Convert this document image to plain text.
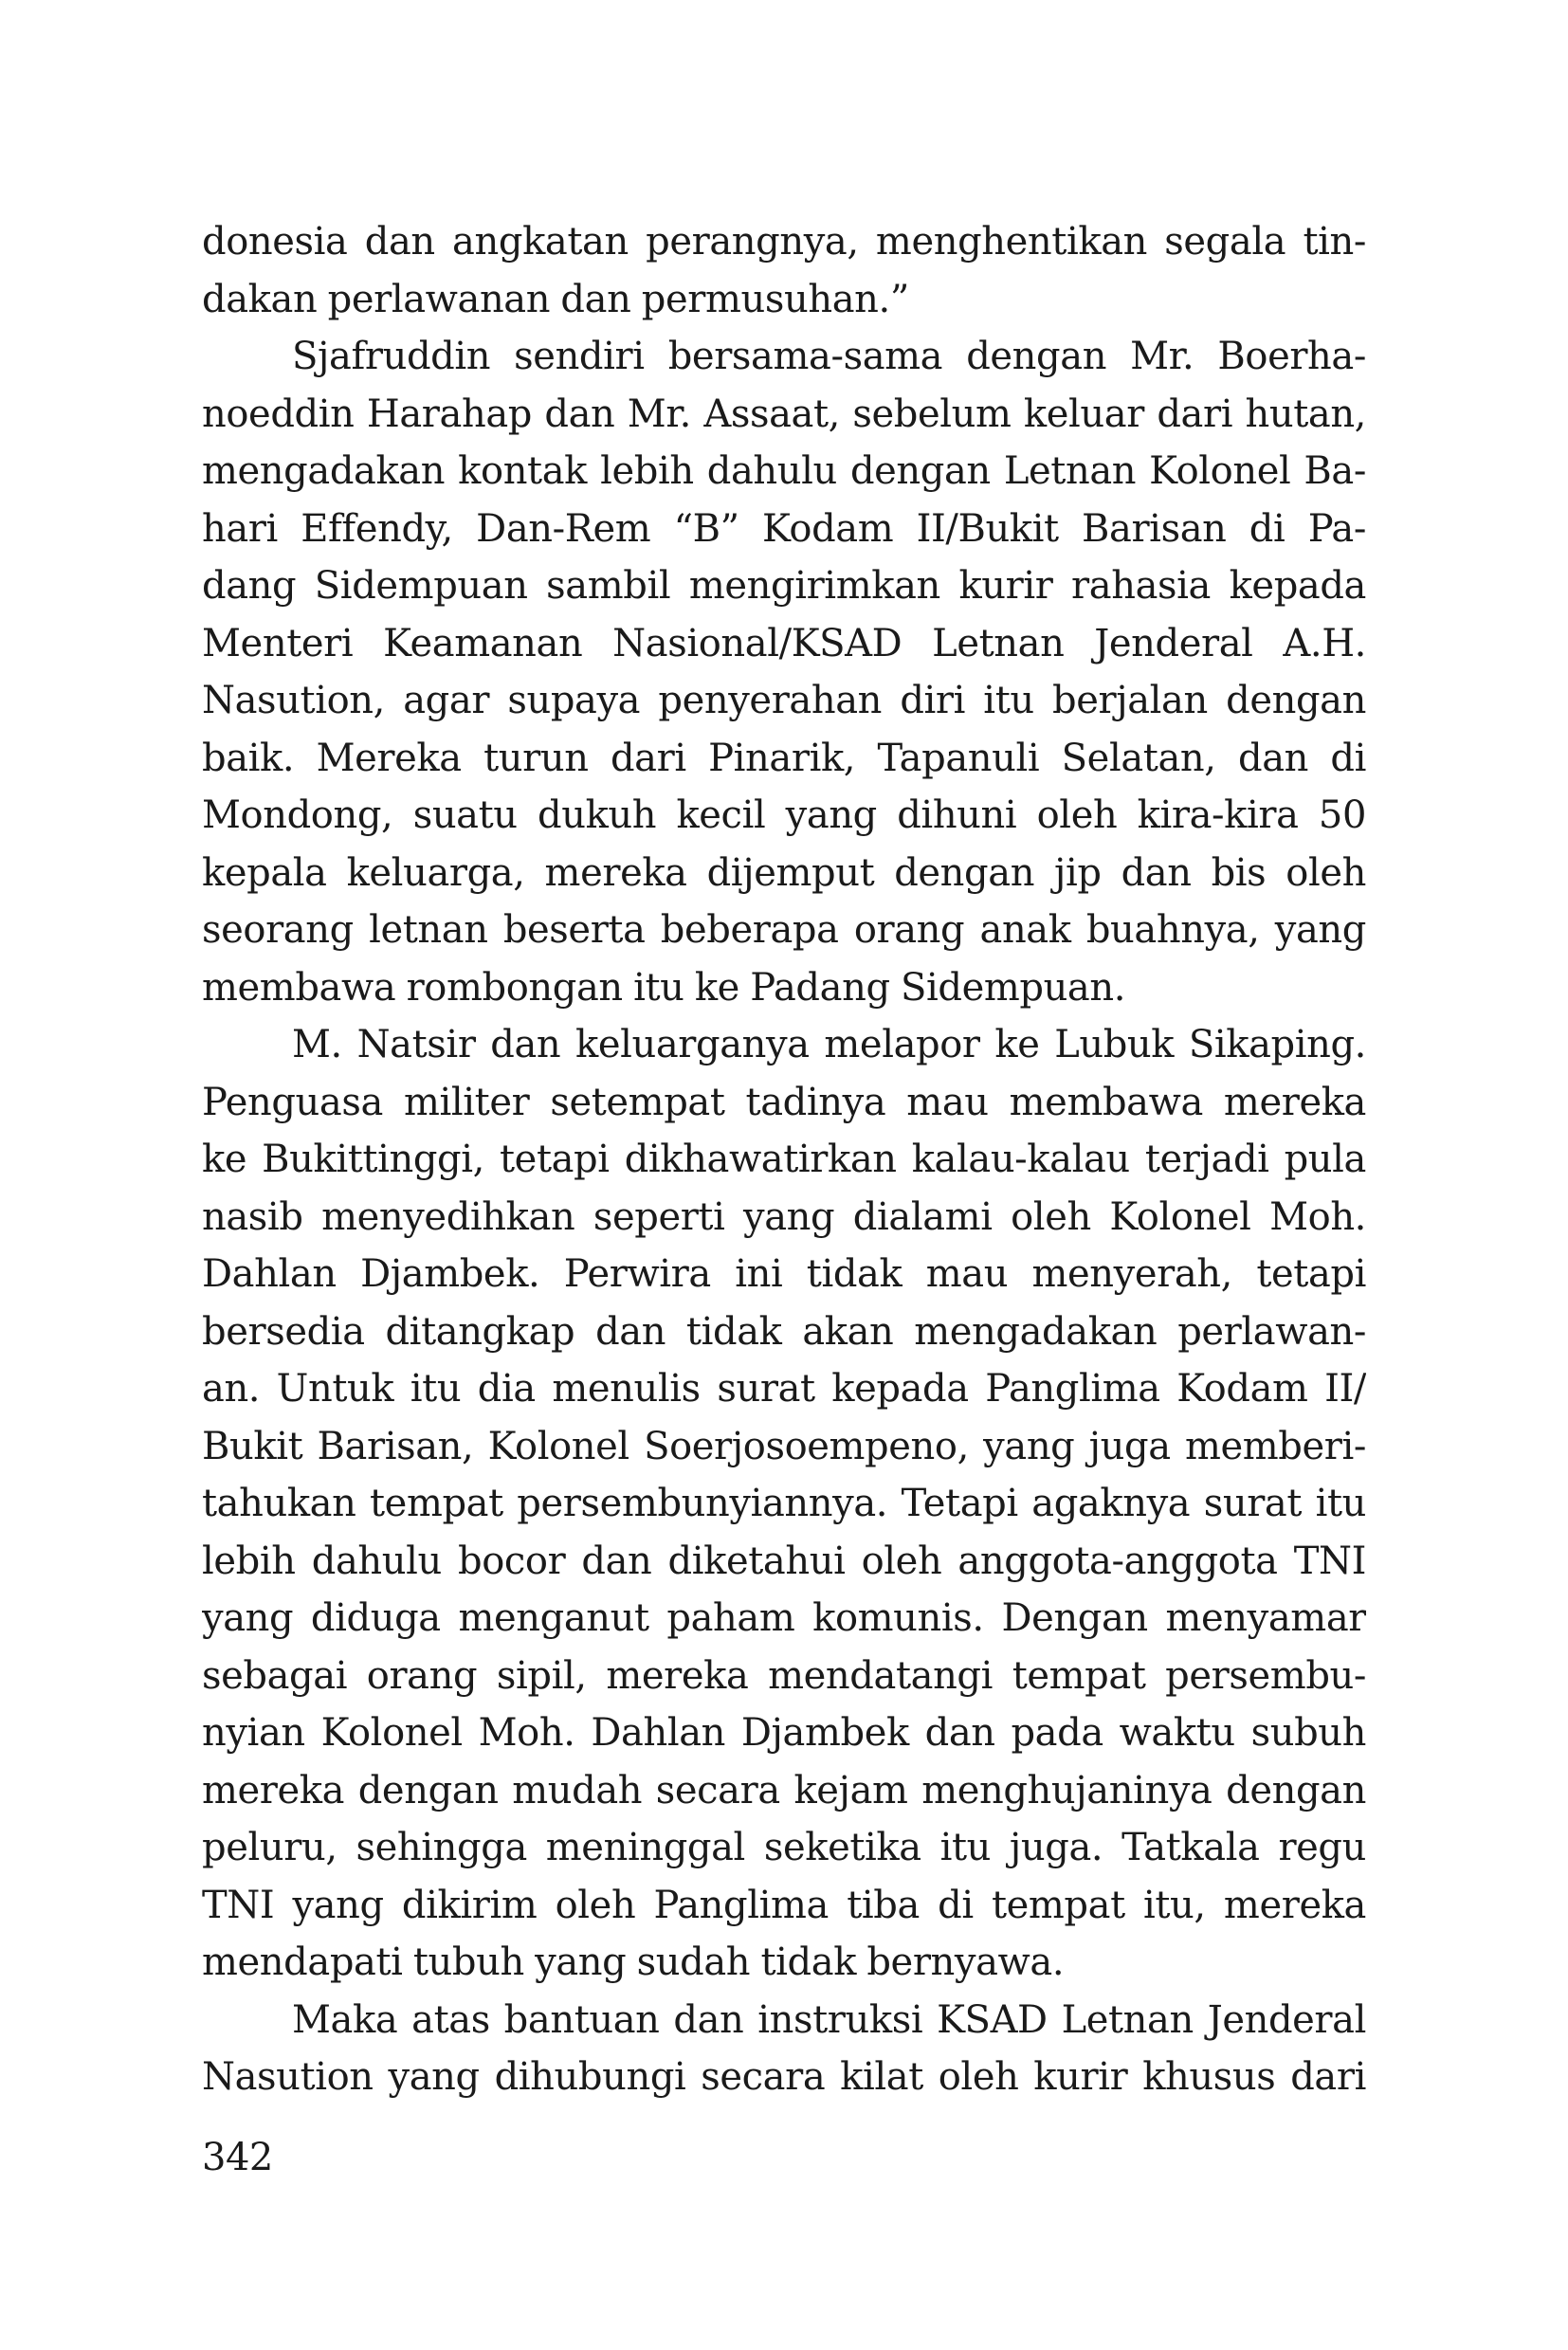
donesia dan angkatan perangnya, menghentikan segala tin-
dakan perlawanan dan permusuhan.”
Sjafruddin sendiri bersama-sama dengan Mr. Boerha-
noeddin Harahap dan Mr. Assaat, sebelum keluar dari hutan,
mengadakan kontak lebih dahulu dengan Letnan Kolonel Ba-
hari Effendy, Dan-Rem “B” Kodam II/Bukit Barisan di Pa-
dang Sidempuan sambil mengirimkan kurir rahasia kepada
Menteri Keamanan Nasional/KSAD Letnan Jenderal A.H.
Nasution, agar supaya penyerahan diri itu berjalan dengan
baik. Mereka turun dari Pinarik, Tapanuli Selatan, dan di
Mondong, suatu dukuh kecil yang dihuni oleh kira-kira 50
kepala keluarga, mereka dijemput dengan jip dan bis oleh
seorang letnan beserta beberapa orang anak buahnya, yang
membawa rombongan itu ke Padang Sidempuan.
M. Natsir dan keluarganya melapor ke Lubuk Sikaping.
Penguasa militer setempat tadinya mau membawa mereka
ke Bukittinggi, tetapi dikhawatirkan kalau-kalau terjadi pula
nasib menyedihkan seperti yang dialami oleh Kolonel Moh.
Dahlan Djambek. Perwira ini tidak mau menyerah, tetapi
bersedia ditangkap dan tidak akan mengadakan perlawan-
an. Untuk itu dia menulis surat kepada Panglima Kodam II/
Bukit Barisan, Kolonel Soerjosoempeno, yang juga memberi-
tahukan tempat persembunyiannya. Tetapi agaknya surat itu
lebih dahulu bocor dan diketahui oleh anggota-anggota TNI
yang diduga menganut paham komunis. Dengan menyamar
sebagai orang sipil, mereka mendatangi tempat persembu-
nyian Kolonel Moh. Dahlan Djambek dan pada waktu subuh
mereka dengan mudah secara kejam menghujaninya dengan
peluru, sehingga meninggal seketika itu juga. Tatkala regu
TNI yang dikirim oleh Panglima tiba di tempat itu, mereka
mendapati tubuh yang sudah tidak bernyawa.
Maka atas bantuan dan instruksi KSAD Letnan Jenderal
Nasution yang dihubungi secara kilat oleh kurir khusus dari
342
